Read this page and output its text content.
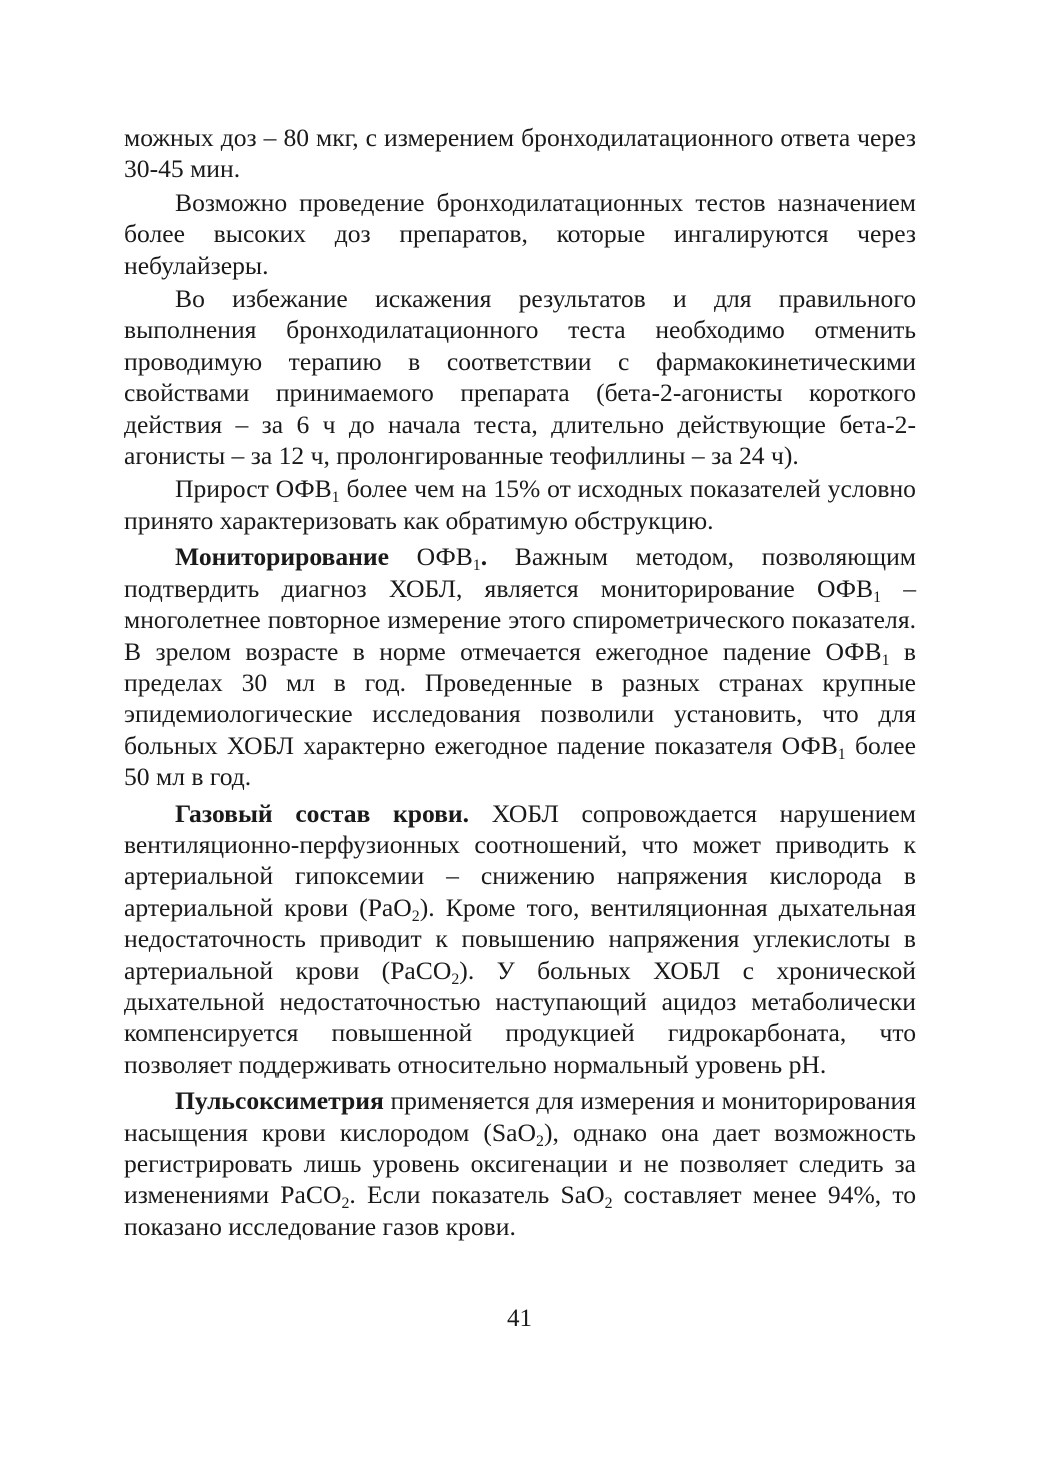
можных доз – 80 мкг, с измерением бронходилатационного ответа через 30-45 мин.

Возможно проведение бронходилатационных тестов назначением более высоких доз препаратов, которые ингалируются через небулайзеры.

Во избежание искажения результатов и для правильного выполнения бронходилатационного теста необходимо отменить проводимую терапию в соответствии с фармакокинетическими свойствами принимаемого препарата (бета-2-агонисты короткого действия – за 6 ч до начала теста, длительно действующие бета-2-агонисты – за 12 ч, пролонгированные теофиллины – за 24 ч).

Прирост $ОФВ_1$ более чем на 15% от исходных показателей условно принято характеризовать как обратимую обструкцию.

Мониторирование $ОФВ_1$. Важным методом, позволяющим подтвердить диагноз ХОБЛ, является мониторирование $ОФВ_1$ – многолетнее повторное измерение этого спирометрического показателя. В зрелом возрасте в норме отмечается ежегодное падение $ОФВ_1$ в пределах 30 мл в год. Проведенные в разных странах крупные эпидемиологические исследования позволили установить, что для больных ХОБЛ характерно ежегодное падение показателя $ОФВ_1$ более 50 мл в год.

Газовый состав крови. ХОБЛ сопровождается нарушением вентиляционно-перфузионных соотношений, что может приводить к артериальной гипоксемии – снижению напряжения кислорода в артериальной крови (PaO$_2$). Кроме того, вентиляционная дыхательная недостаточность приводит к повышению напряжения углекислоты в артериальной крови (PaCO$_2$). У больных ХОБЛ с хронической дыхательной недостаточностью наступающий ацидоз метаболически компенсируется повышенной продукцией гидрокарбоната, что позволяет поддерживать относительно нормальный уровень pH.

Пульсоксиметрия применяется для измерения и мониторирования насыщения крови кислородом (SaO$_2$), однако она дает возможность регистрировать лишь уровень оксигенации и не позволяет следить за изменениями PaCO$_2$. Если показатель SaO$_2$ составляет менее 94%, то показано исследование газов крови.

41
